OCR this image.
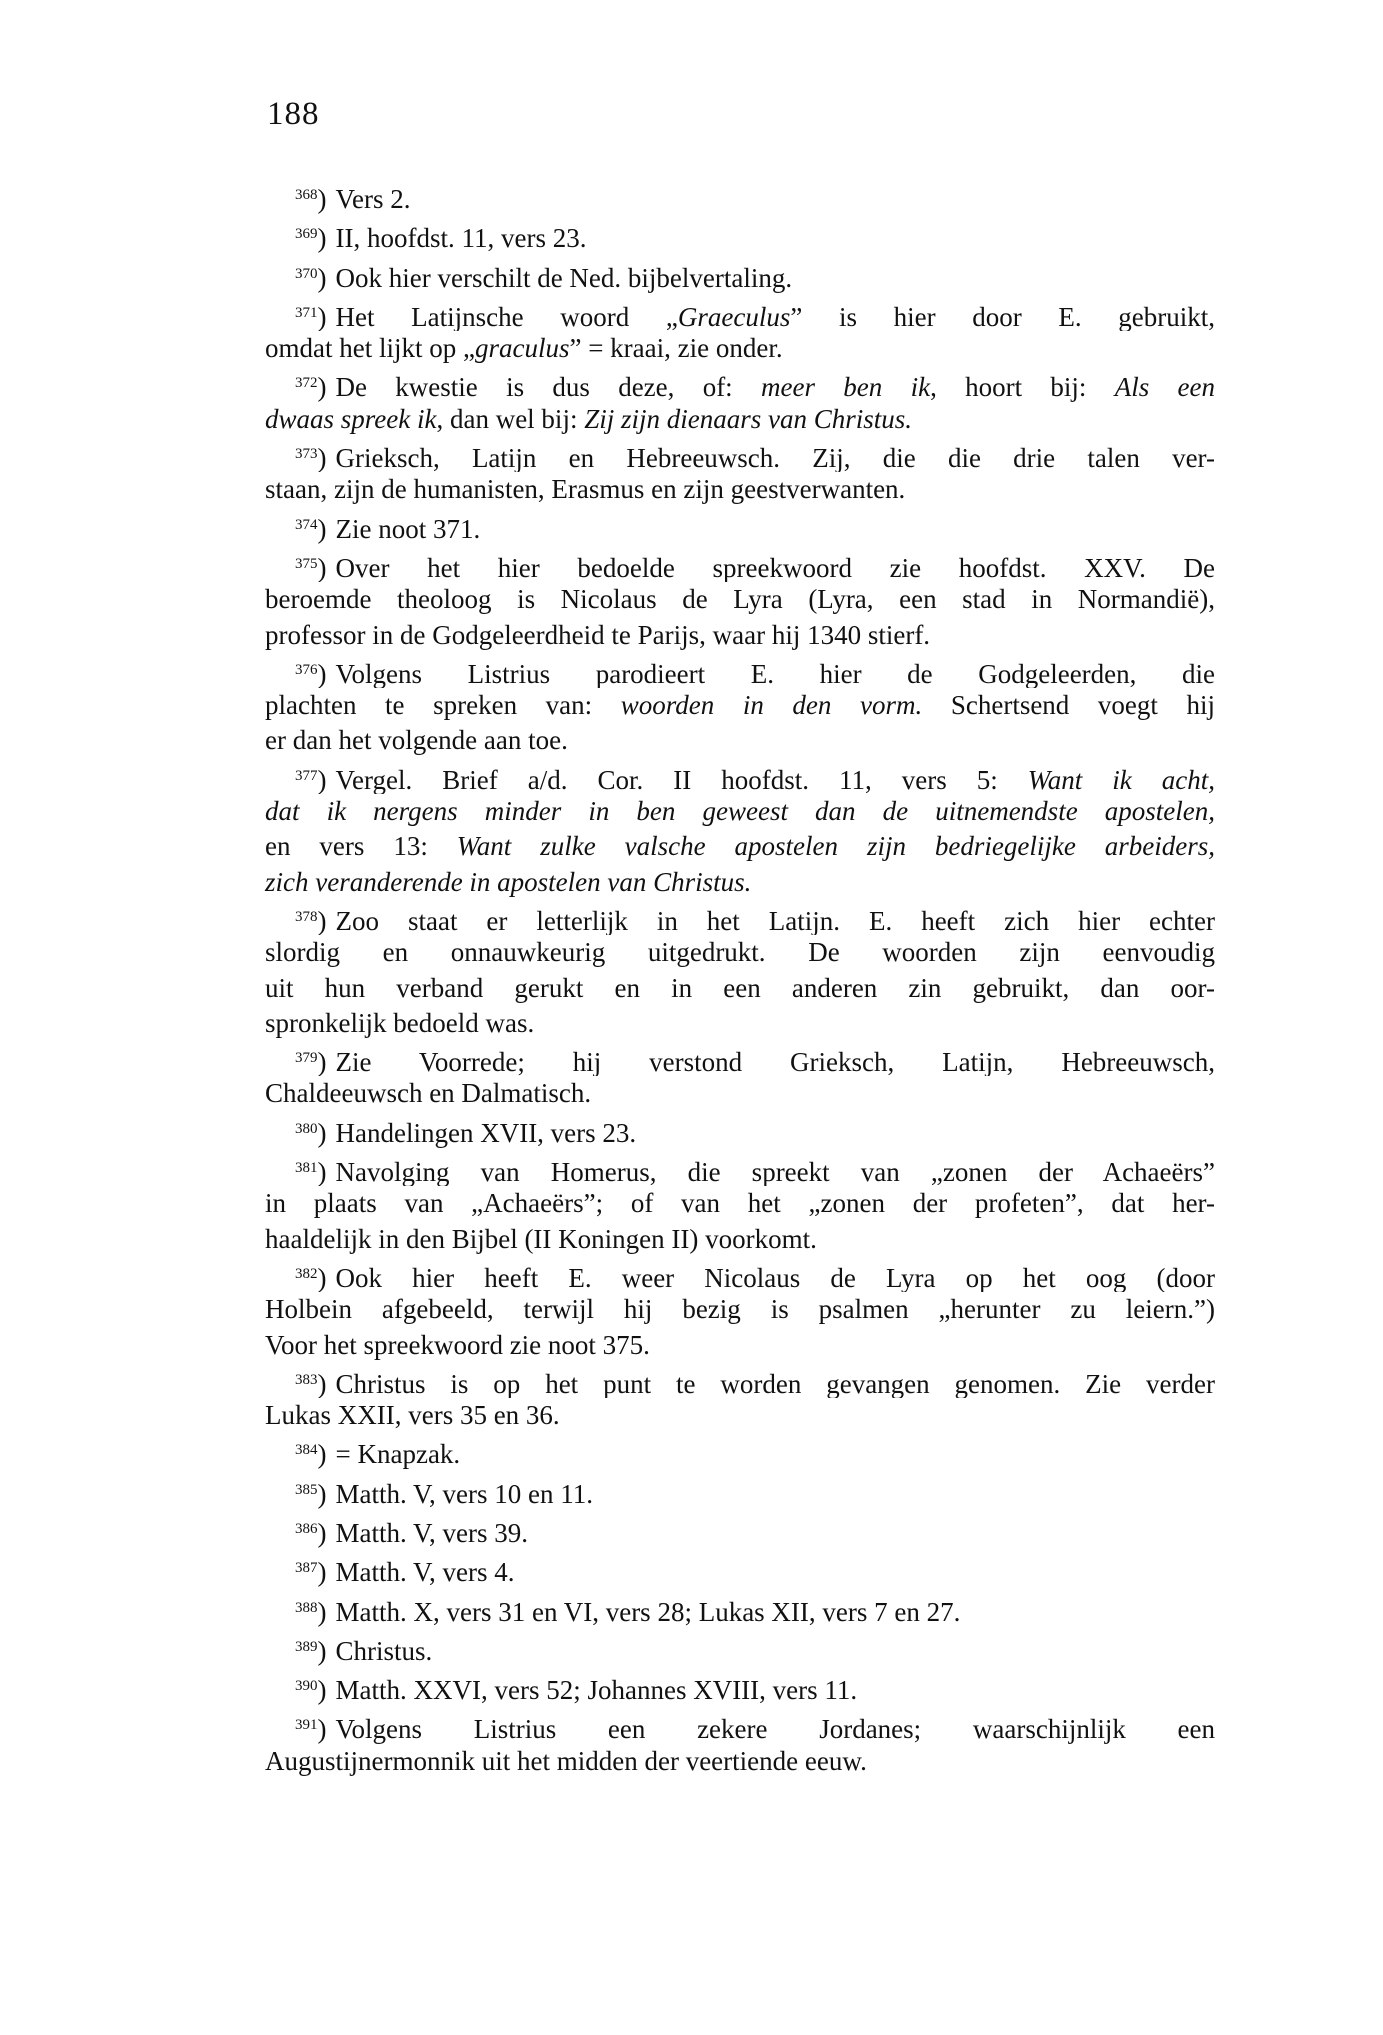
188
$^{368}$) Vers 2.
$^{369}$) II, hoofdst. 11, vers 23.
$^{370}$) Ook hier verschilt de Ned. bijbelvertaling.
$^{371}$) Het Latijnsche woord „Graeculus” is hier door E. gebruikt,
omdat het lijkt op „graculus” = kraai, zie onder.
$^{372}$) De kwestie is dus deze, of: meer ben ik, hoort bij: Als een
dwaas spreek ik, dan wel bij: Zij zijn dienaars van Christus.
$^{373}$) Grieksch, Latijn en Hebreeuwsch. Zij, die die drie talen ver-
staan, zijn de humanisten, Erasmus en zijn geestverwanten.
$^{374}$) Zie noot 371.
$^{375}$) Over het hier bedoelde spreekwoord zie hoofdst. XXV. De
beroemde theoloog is Nicolaus de Lyra (Lyra, een stad in Normandië),
professor in de Godgeleerdheid te Parijs, waar hij 1340 stierf.
$^{376}$) Volgens Listrius parodieert E. hier de Godgeleerden, die
plachten te spreken van: woorden in den vorm. Schertsend voegt hij
er dan het volgende aan toe.
$^{377}$) Vergel. Brief a/d. Cor. II hoofdst. 11, vers 5: Want ik acht,
dat ik nergens minder in ben geweest dan de uitnemendste apostelen,
en vers 13: Want zulke valsche apostelen zijn bedriegelijke arbeiders,
zich veranderende in apostelen van Christus.
$^{378}$) Zoo staat er letterlijk in het Latijn. E. heeft zich hier echter
slordig en onnauwkeurig uitgedrukt. De woorden zijn eenvoudig
uit hun verband gerukt en in een anderen zin gebruikt, dan oor-
spronkelijk bedoeld was.
$^{379}$) Zie Voorrede; hij verstond Grieksch, Latijn, Hebreeuwsch,
Chaldeeuwsch en Dalmatisch.
$^{380}$) Handelingen XVII, vers 23.
$^{381}$) Navolging van Homerus, die spreekt van „zonen der Achaeërs”
in plaats van „Achaeërs”; of van het „zonen der profeten”, dat her-
haaldelijk in den Bijbel (II Koningen II) voorkomt.
$^{382}$) Ook hier heeft E. weer Nicolaus de Lyra op het oog (door
Holbein afgebeeld, terwijl hij bezig is psalmen „herunter zu leiern.”)
Voor het spreekwoord zie noot 375.
$^{383}$) Christus is op het punt te worden gevangen genomen. Zie verder
Lukas XXII, vers 35 en 36.
$^{384}$) = Knapzak.
$^{385}$) Matth. V, vers 10 en 11.
$^{386}$) Matth. V, vers 39.
$^{387}$) Matth. V, vers 4.
$^{388}$) Matth. X, vers 31 en VI, vers 28; Lukas XII, vers 7 en 27.
$^{389}$) Christus.
$^{390}$) Matth. XXVI, vers 52; Johannes XVIII, vers 11.
$^{391}$) Volgens Listrius een zekere Jordanes; waarschijnlijk een
Augustijnermonnik uit het midden der veertiende eeuw.
